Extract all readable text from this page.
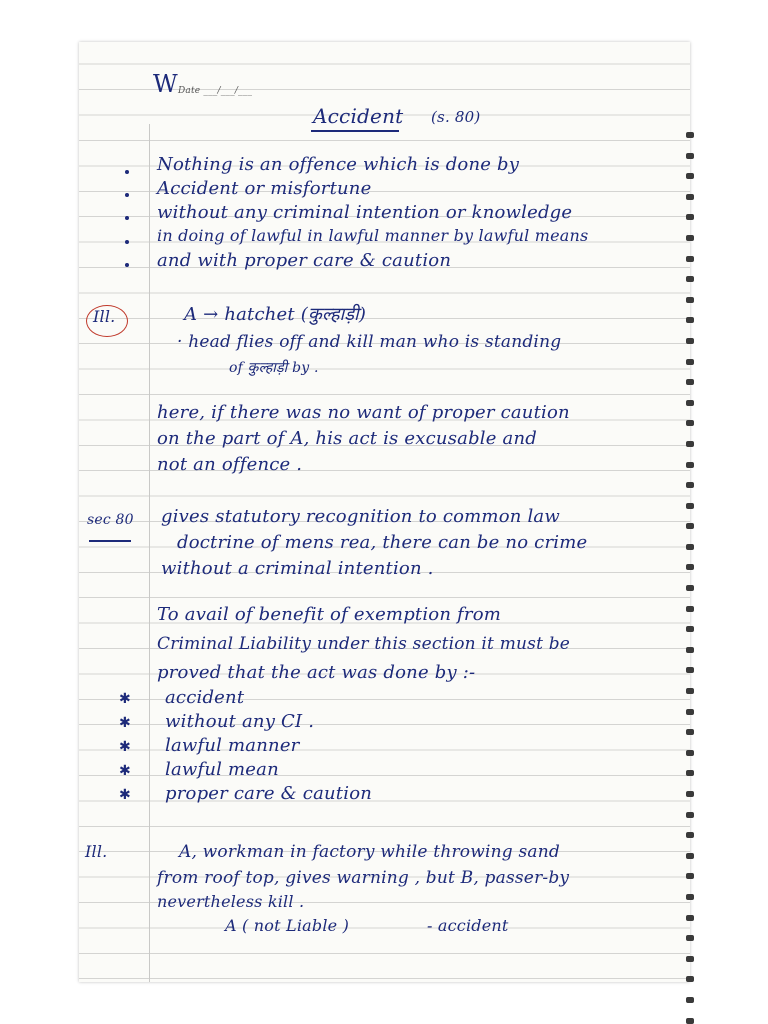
W Date ___/___/___
Accident (s. 80)
Nothing is an offence which is done by
Accident or misfortune
without any criminal intention or knowledge
in doing of lawful in lawful manner by lawful means
and with proper care & caution
Ill.	A → hatchet (कुल्हाड़ी)
· head flies off and kill man who is standing
of कुल्हाड़ी by .
here, if there was no want of proper caution
on the part of A, his act is excusable and
not an offence .
sec 80 gives statutory recognition to common law
doctrine of mens rea, there can be no crime
without a criminal intention .
To avail of benefit of exemption from
Criminal Liability under this section it must be
proved that the act was done by :-
✱
✱
✱
✱
✱
accident
without any CI .
lawful manner
lawful mean
proper care & caution
Ill.	A, workman in factory while throwing sand
from roof top, gives warning , but B, passer-by
nevertheless kill .
A ( not Liable )	- accident
